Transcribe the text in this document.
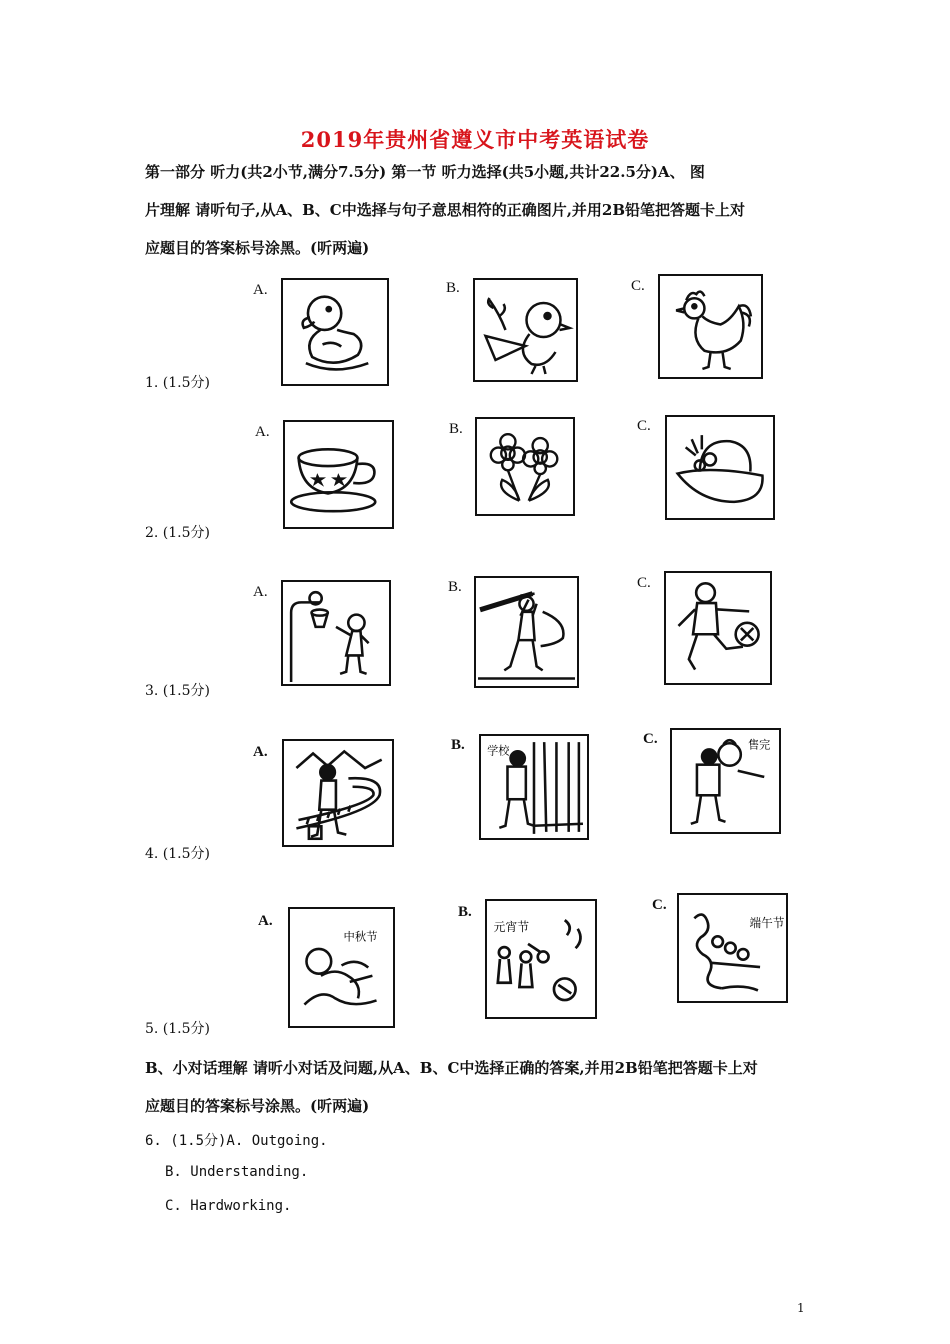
2019年贵州省遵义市中考英语试卷
第一部分 听力(共2小节,满分7.5分) 第一节 听力选择(共5小题,共计22.5分)A、 图
片理解 请听句子,从A、B、C中选择与句子意思相符的正确图片,并用2B铅笔把答题卡上对
应题目的答案标号涂黑。(听两遍)
A.	B.	C.
1. (1.5分)
A.	B.	C.
2. (1.5分)
A.	B.	C.
3. (1.5分)
A.	B.	C.
学校	售完
4. (1.5分)
A.
B.	C.
中秋节
元宵节	端午节
5. (1.5分)
B、小对话理解 请听小对话及问题,从A、B、C中选择正确的答案,并用2B铅笔把答题卡上对
应题目的答案标号涂黑。(听两遍)
6. (1.5分)A. Outgoing.
B. Understanding.
C. Hardworking.
1
